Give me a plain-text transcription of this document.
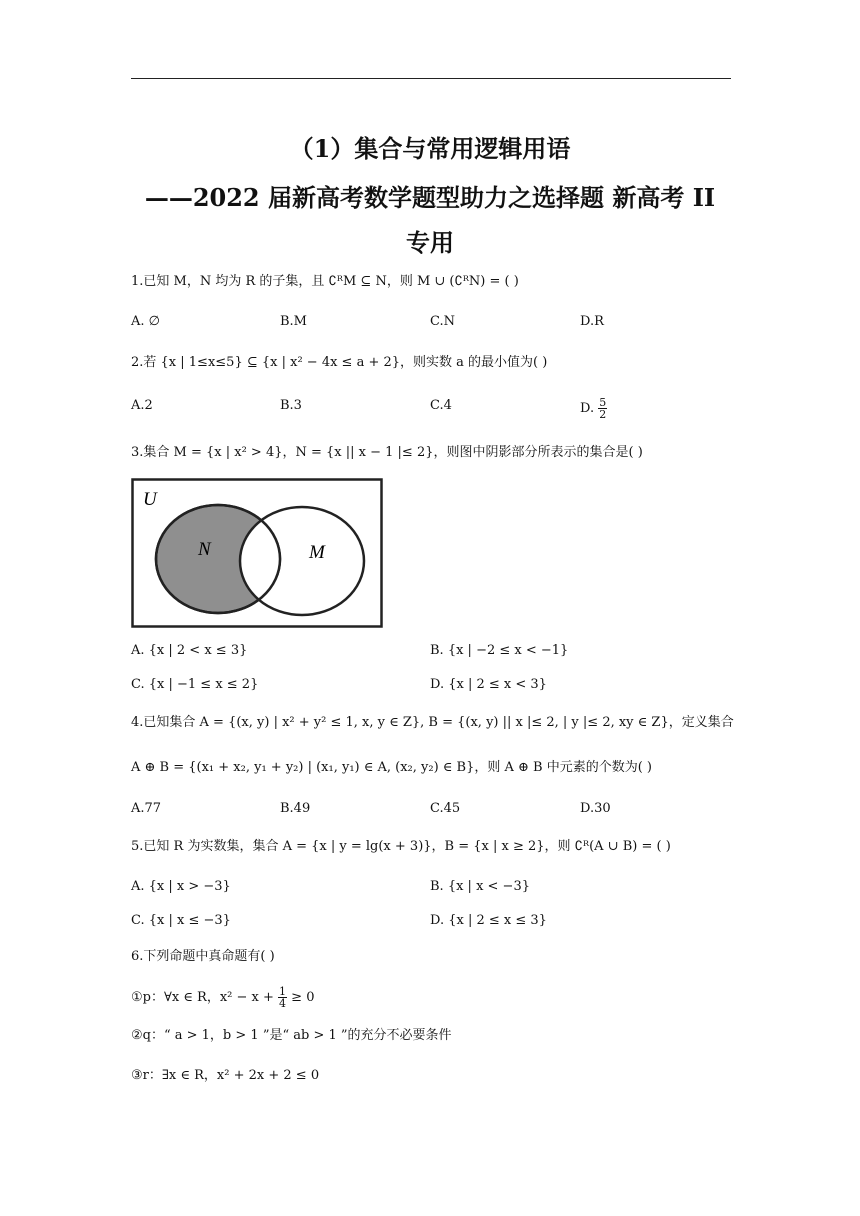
（1）集合与常用逻辑用语
——2022 届新高考数学题型助力之选择题 新高考 II
专用
1.已知 M，N 均为 R 的子集，且 ∁ᴿM ⊆ N，则 M ∪ (∁ᴿN) = ( )
A. ∅	B.M	C.N	D.R
2.若 {x | 1≤x≤5} ⊆ {x | x² − 4x ≤ a + 2}，则实数 a 的最小值为( )
A.2	B.3	C.4	D. $\frac{5}{2}$
3.集合 M = {x | x² > 4}，N = {x || x − 1 |≤ 2}，则图中阴影部分所表示的集合是( )
U
N	M
A. {x | 2 < x ≤ 3}	B. {x | −2 ≤ x < −1}
C. {x | −1 ≤ x ≤ 2}	D. {x | 2 ≤ x < 3}
4.已知集合 A = {(x, y) | x² + y² ≤ 1, x, y ∈ Z}, B = {(x, y) || x |≤ 2, | y |≤ 2, xy ∈ Z}，定义集合
A ⊕ B = {(x₁ + x₂, y₁ + y₂) | (x₁, y₁) ∈ A, (x₂, y₂) ∈ B}，则 A ⊕ B 中元素的个数为( )
A.77	B.49	C.45	D.30
5.已知 R 为实数集，集合 A = {x | y = lg(x + 3)}，B = {x | x ≥ 2}，则 ∁ᴿ(A ∪ B) = ( )
A. {x | x > −3}	B. {x | x < −3}
C. {x | x ≤ −3}	D. {x | 2 ≤ x ≤ 3}
6.下列命题中真命题有( )
①p：∀x ∈ R，$x^2 - x + \frac{1}{4} \ge 0$
②q：“ a > 1，b > 1 ”是“ ab > 1 ”的充分不必要条件
③r：∃x ∈ R，x² + 2x + 2 ≤ 0
